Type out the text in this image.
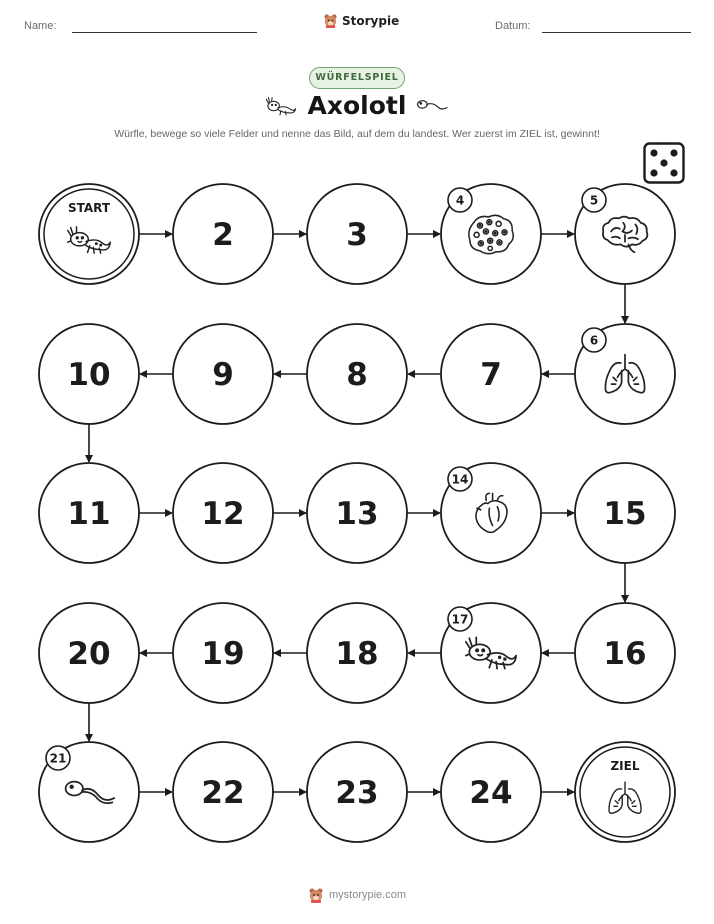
Name:	Storypie	Datum:
WÜRFELSPIEL
Axolotl
Würfle, bewege so viele Felder und nenne das Bild, auf dem du landest. Wer zuerst im ZIEL ist, gewinnt!
START
2	3
4	5
6
7
8
9
10
11	12	13
14
15
16
17
18
19
20
21
22	23	24
ZIEL
mystorypie.com
